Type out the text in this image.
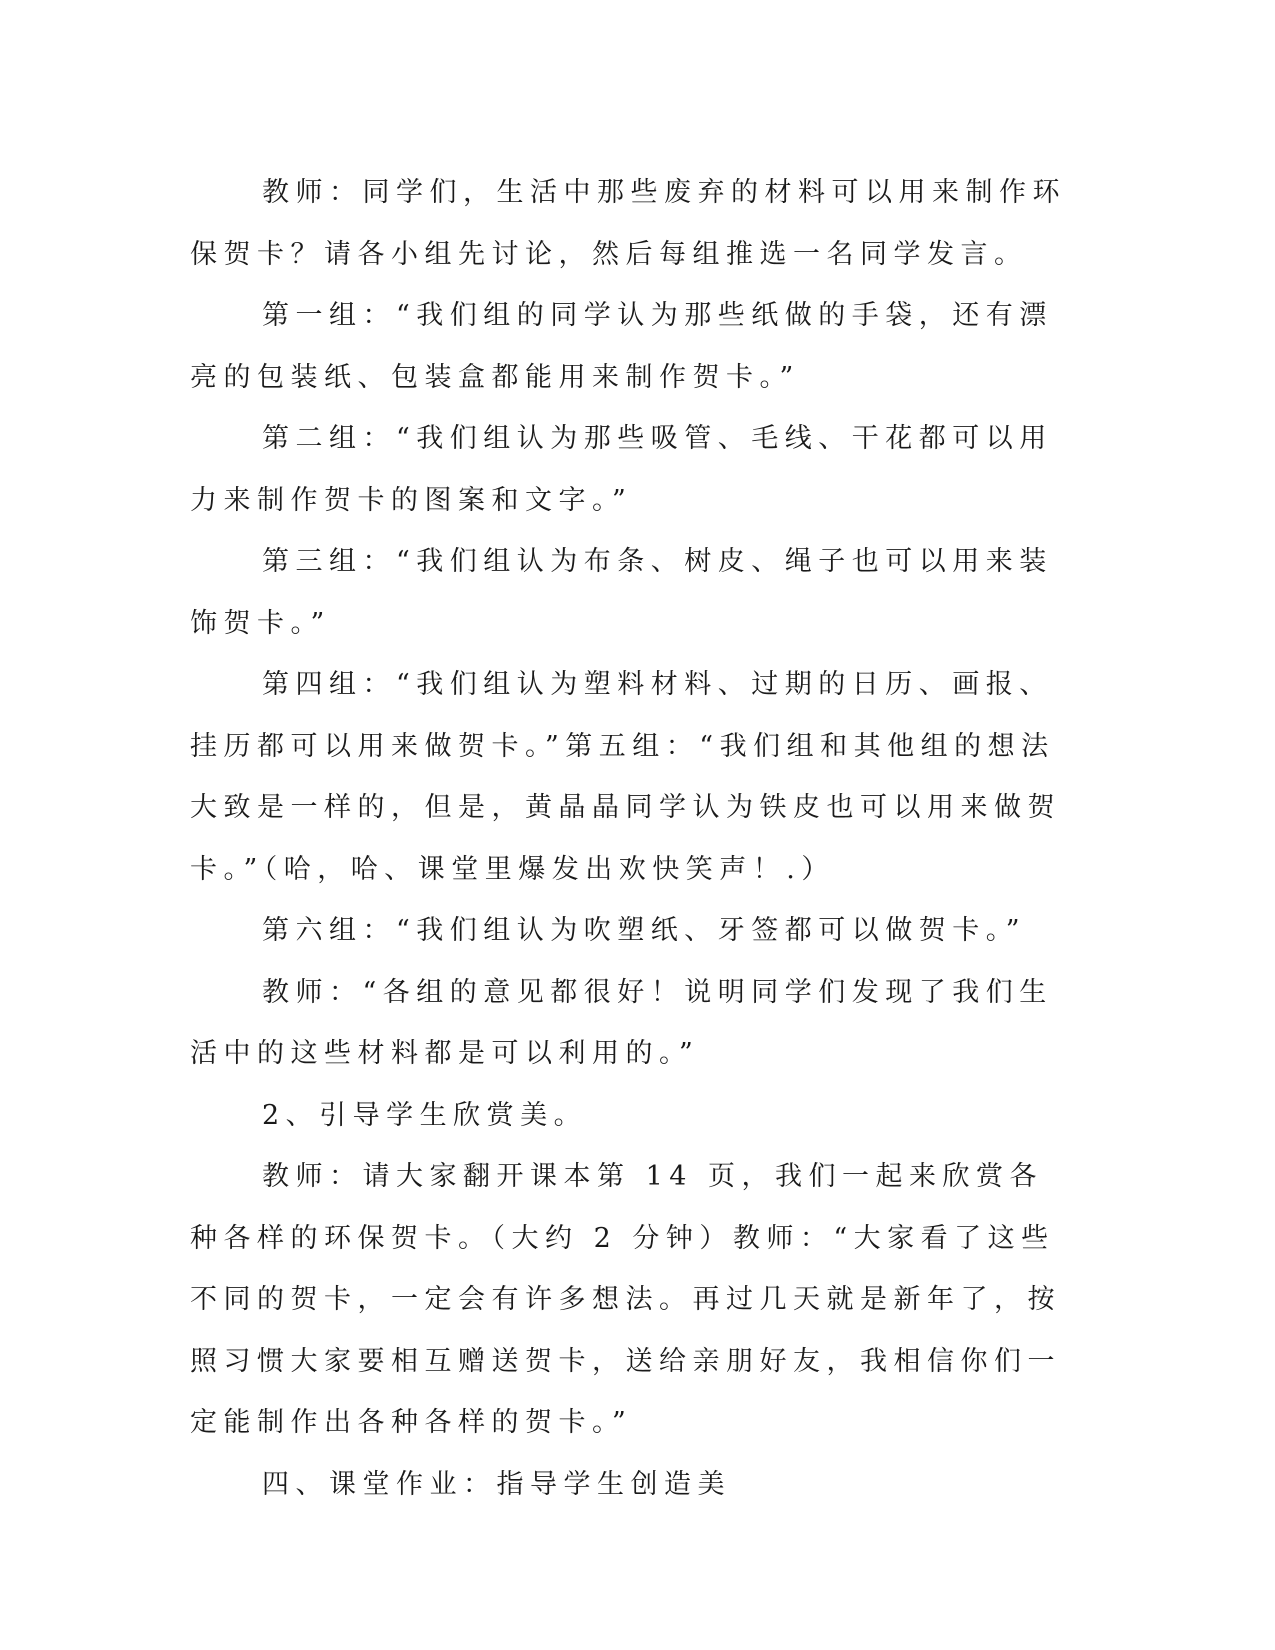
教师：同学们，生活中那些废弃的材料可以用来制作环保贺卡？请各小组先讨论，然后每组推选一名同学发言。

第一组：“我们组的同学认为那些纸做的手袋，还有漂亮的包装纸、包装盒都能用来制作贺卡。”

第二组：“我们组认为那些吸管、毛线、干花都可以用力来制作贺卡的图案和文字。”

第三组：“我们组认为布条、树皮、绳子也可以用来装饰贺卡。”

第四组：“我们组认为塑料材料、过期的日历、画报、挂历都可以用来做贺卡。”第五组：“我们组和其他组的想法大致是一样的，但是，黄晶晶同学认为铁皮也可以用来做贺卡。”（哈，哈、课堂里爆发出欢快笑声！.）

第六组：“我们组认为吹塑纸、牙签都可以做贺卡。”

教师：“各组的意见都很好！说明同学们发现了我们生活中的这些材料都是可以利用的。”

2、引导学生欣赏美。

教师：请大家翻开课本第 14 页，我们一起来欣赏各种各样的环保贺卡。（大约 2 分钟）教师：“大家看了这些不同的贺卡，一定会有许多想法。再过几天就是新年了，按照习惯大家要相互赠送贺卡，送给亲朋好友，我相信你们一定能制作出各种各样的贺卡。”

四、课堂作业：指导学生创造美
